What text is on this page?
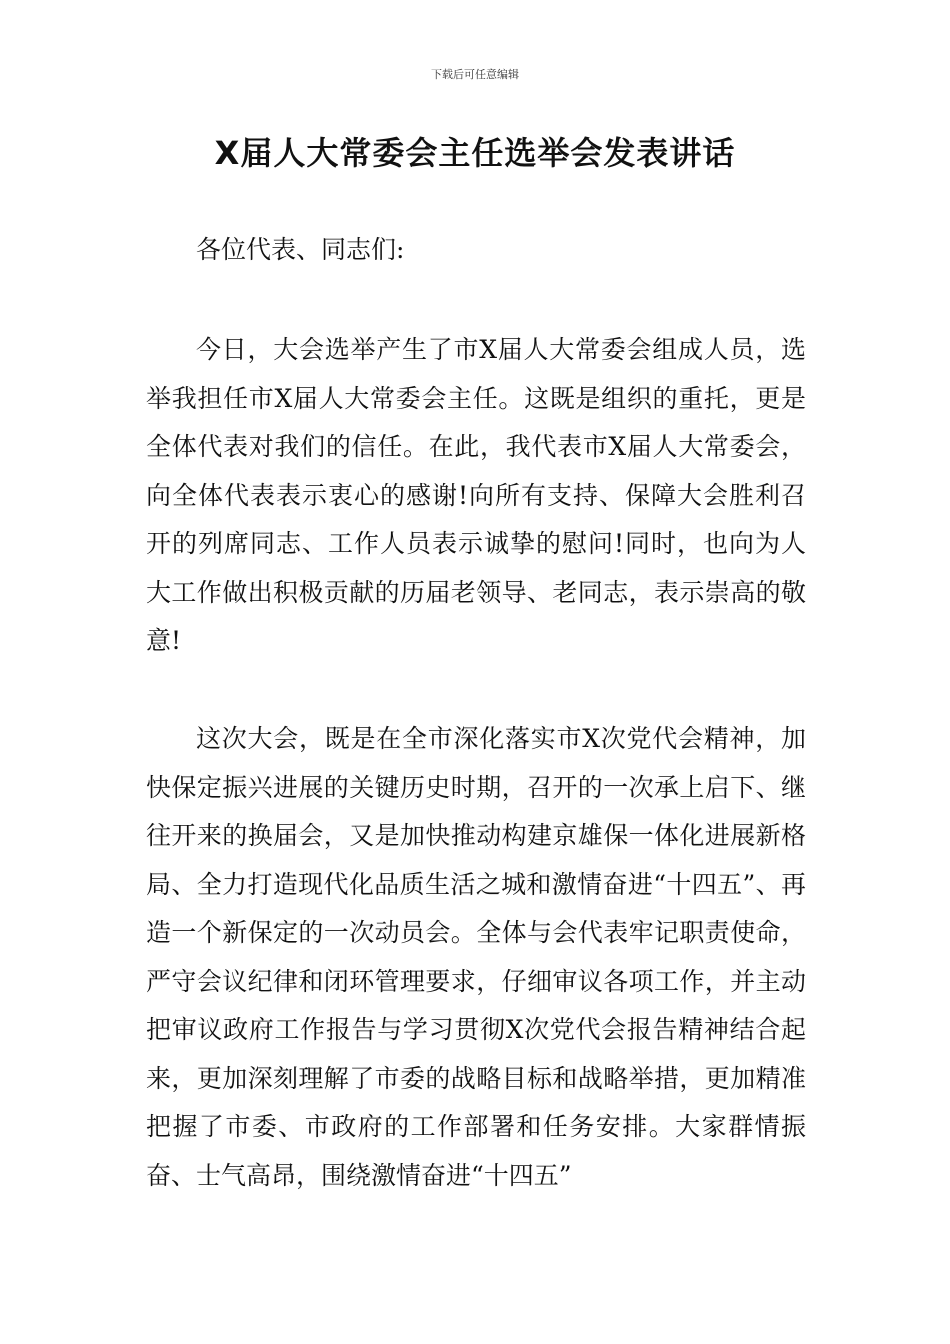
下载后可任意编辑
X届人大常委会主任选举会发表讲话

各位代表、同志们:

今日，大会选举产生了市X届人大常委会组成人员，选举我担任市X届人大常委会主任。这既是组织的重托，更是全体代表对我们的信任。在此，我代表市X届人大常委会，向全体代表表示衷心的感谢!向所有支持、保障大会胜利召开的列席同志、工作人员表示诚挚的慰问!同时，也向为人大工作做出积极贡献的历届老领导、老同志，表示崇高的敬意!

这次大会，既是在全市深化落实市X次党代会精神，加快保定振兴进展的关键历史时期，召开的一次承上启下、继往开来的换届会，又是加快推动构建京雄保一体化进展新格局、全力打造现代化品质生活之城和激情奋进“十四五”、再造一个新保定的一次动员会。全体与会代表牢记职责使命，严守会议纪律和闭环管理要求，仔细审议各项工作，并主动把审议政府工作报告与学习贯彻X次党代会报告精神结合起来，更加深刻理解了市委的战略目标和战略举措，更加精准把握了市委、市政府的工作部署和任务安排。大家群情振奋、士气高昂，围绕激情奋进“十四五”
